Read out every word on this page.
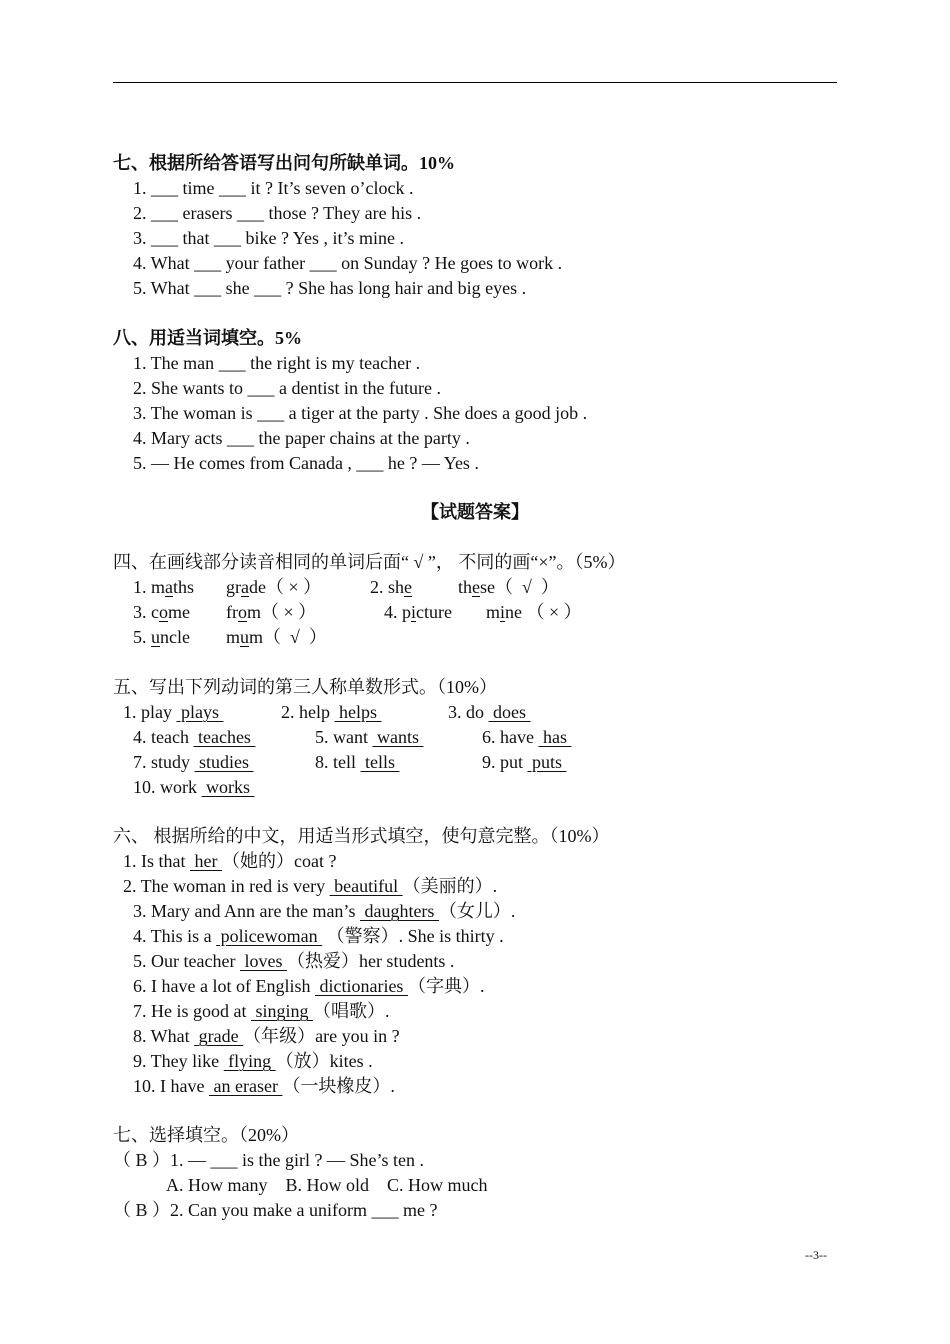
七、根据所给答语写出问句所缺单词。10%
1. ___ time ___ it ? It’s seven o’clock .
2. ___ erasers ___ those ? They are his .
3. ___ that ___ bike ? Yes , it’s mine .
4. What ___ your father ___ on Sunday ? He goes to work .
5. What ___ she ___ ? She has long hair and big eyes .
八、用适当词填空。5%
1. The man ___ the right is my teacher .
2. She wants to ___ a dentist in the future .
3. The woman is ___ a tiger at the party . She does a good job .
4. Mary acts ___ the paper chains at the party .
5. — He comes from Canada , ___ he ? — Yes .
【试题答案】
四、在画线部分读音相同的单词后面“ √ ”， 不同的画“×”。（5%）
1. maths grade（ × ）	2. she	these（  √  ）
3. come from（ × ）	4. picture mine （ × ）
5. uncle mum（  √  ）
五、写出下列动词的第三人称单数形式。（10%）
1. play  plays	2. help  helps	3. do  does
4. teach  teaches	5. want  wants	6. have  has
7. study  studies	8. tell  tells	9. put  puts
10. work  works
六、 根据所给的中文，用适当形式填空，使句意完整。（10%）
1. Is that  her （她的）coat ?
2. The woman in red is very  beautiful （美丽的）.
3. Mary and Ann are the man’s  daughters （女儿）.
4. This is a  policewoman  （警察）. She is thirty .
5. Our teacher  loves （热爱）her students .
6. I have a lot of English  dictionaries （字典）.
7. He is good at  singing （唱歌）.
8. What  grade （年级）are you in ?
9. They like  flying （放）kites .
10. I have  an eraser （一块橡皮）.
七、选择填空。（20%）
（ B ）1. — ___ is the girl ? — She’s ten .
A. How many    B. How old    C. How much
（ B ）2. Can you make a uniform ___ me ?
--3--
